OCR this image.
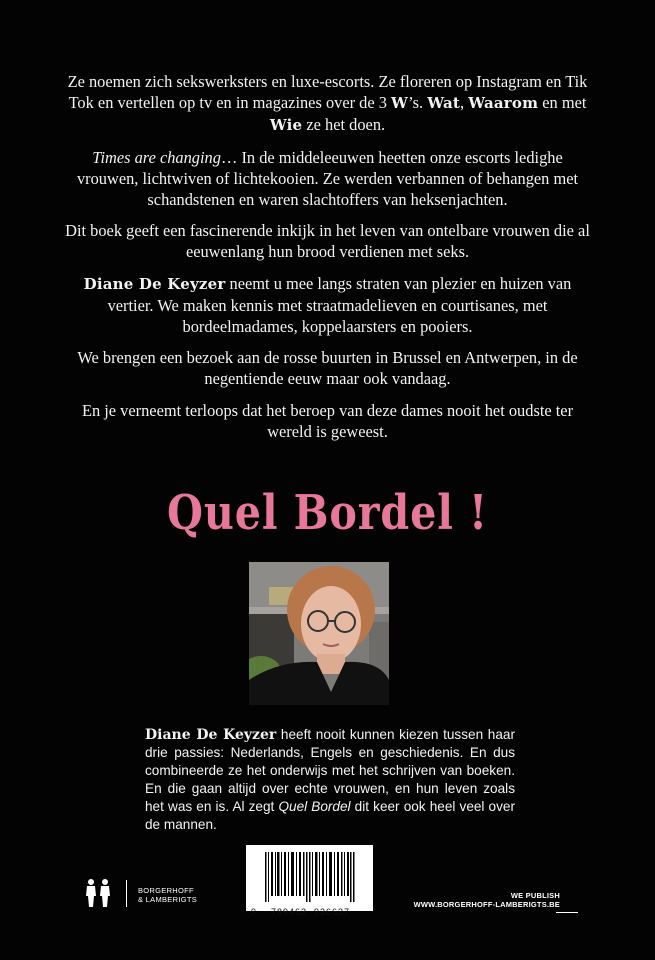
Ze noemen zich sekswerksters en luxe-escorts. Ze floreren op Instagram en Tik Tok en vertellen op tv en in magazines over de 3 W’s. Wat, Waarom en met Wie ze het doen.

Times are changing… In de middeleeuwen heetten onze escorts ledighe vrouwen, lichtwiven of lichtekooien. Ze werden verbannen of behangen met schandstenen en waren slachtoffers van heksenjachten.

Dit boek geeft een fascinerende inkijk in het leven van ontelbare vrouwen die al eeuwenlang hun brood verdienen met seks.

Diane De Keyzer neemt u mee langs straten van plezier en huizen van vertier. We maken kennis met straatmadelieven en courtisanes, met bordeelmadames, koppelaarsters en pooiers.

We brengen een bezoek aan de rosse buurten in Brussel en Antwerpen, in de negentiende eeuw maar ook vandaag.

En je verneemt terloops dat het beroep van deze dames nooit het oudste ter wereld is geweest.

Quel Bordel !
Diane De Keyzer heeft nooit kunnen kiezen tussen haar drie passies: Nederlands, Engels en geschiedenis. En dus combineerde ze het onderwijs met het schrijven van boeken. En die gaan altijd over echte vrouwen, en hun leven zoals het was en is. Al zegt Quel Bordel dit keer ook heel veel over de mannen.
9 789463 936637
BORGERHOFF
& LAMBERIGTS	WE PUBLISH
WWW.BORGERHOFF-LAMBERIGTS.BE
